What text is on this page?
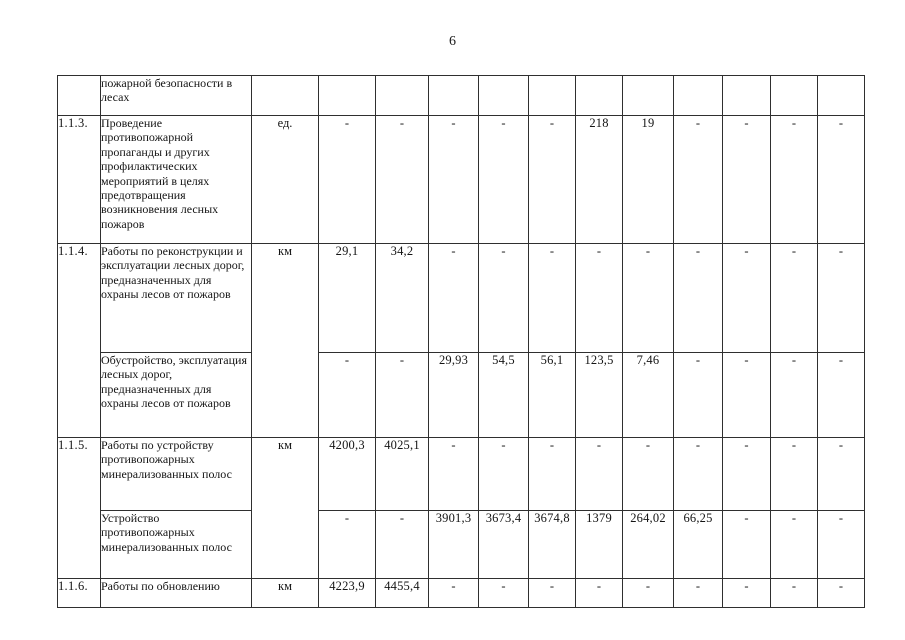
6
	пожарной безопасности в лесах												
1.1.3.	Проведение противопожарной пропаганды и других профилактических мероприятий в целях предотвращения возникновения лесных пожаров	ед.	-	-	-	-	-	218	19	-	-	-	-
1.1.4.	Работы по реконструкции и эксплуатации лесных дорог, предназначенных для охраны лесов от пожаров	км	29,1	34,2	-	-	-	-	-	-	-	-	-
	Обустройство, эксплуатация лесных дорог, предназначенных для охраны лесов от пожаров		-	-	29,93	54,5	56,1	123,5	7,46	-	-	-	-
1.1.5.	Работы по устройству противопожарных минерализованных полос	км	4200,3	4025,1	-	-	-	-	-	-	-	-	-
	Устройство противопожарных минерализованных полос		-	-	3901,3	3673,4	3674,8	1379	264,02	66,25	-	-	-
1.1.6.	Работы по обновлению	км	4223,9	4455,4	-	-	-	-	-	-	-	-	-
